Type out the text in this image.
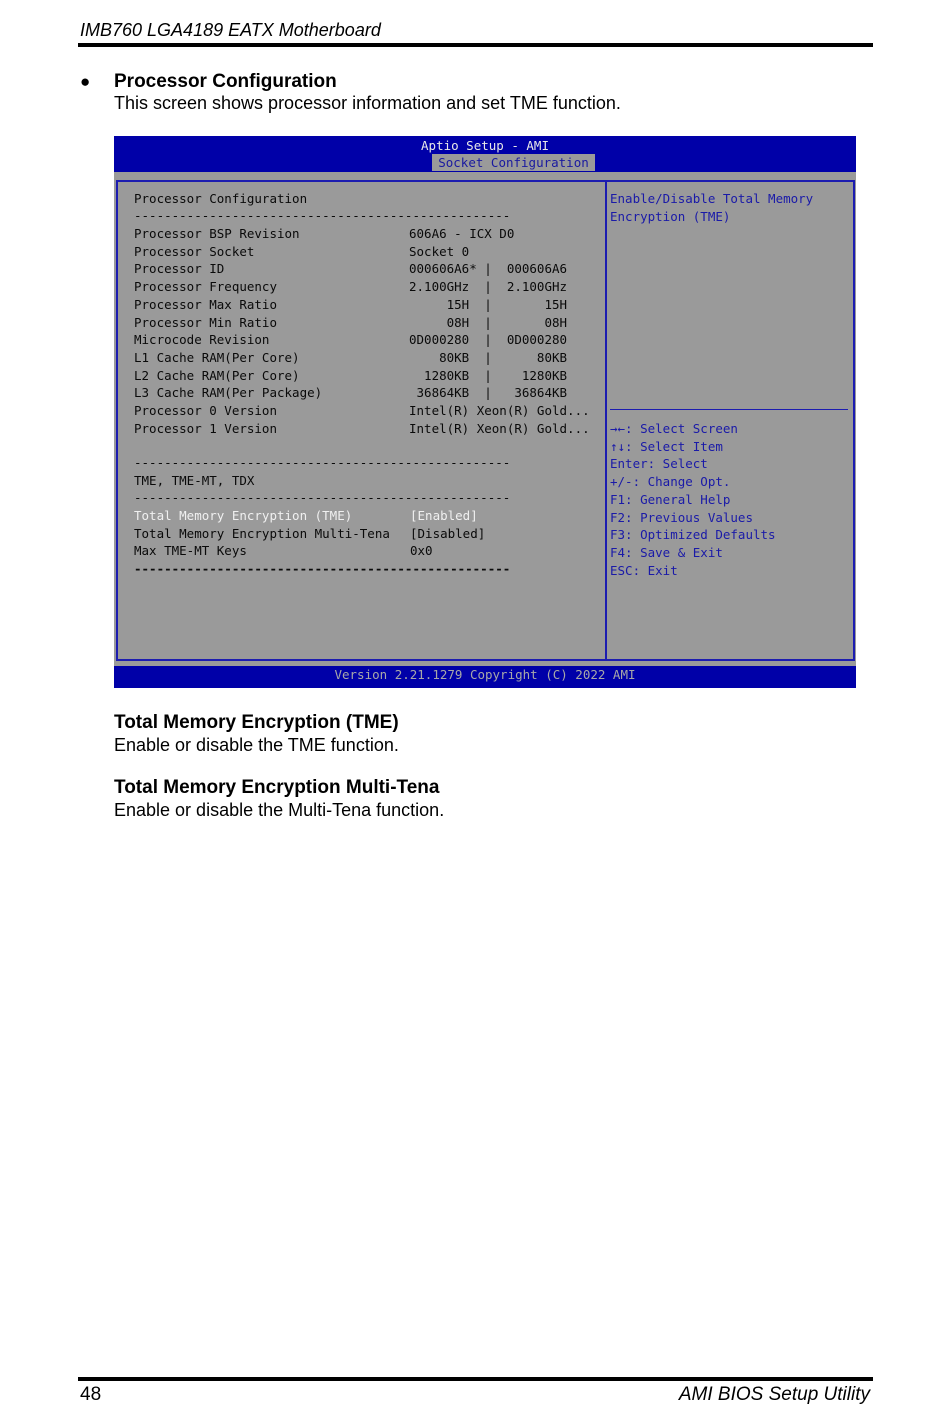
IMB760 LGA4189 EATX Motherboard
● Processor Configuration
This screen shows processor information and set TME function.
Aptio Setup - AMI
Socket Configuration
Processor Configuration
--------------------------------------------------
Processor BSP Revision	606A6 - ICX D0
Processor Socket	Socket 0
Processor ID	000606A6* |  000606A6
Processor Frequency	2.100GHz  |  2.100GHz
Processor Max Ratio	15H  |       15H
Processor Min Ratio	08H  |       08H
Microcode Revision	0D000280  |  0D000280
L1 Cache RAM(Per Core)	80KB  |      80KB
L2 Cache RAM(Per Core)	1280KB  |    1280KB
L3 Cache RAM(Per Package)	36864KB  |   36864KB
Processor 0 Version	Intel(R) Xeon(R) Gold...
Processor 1 Version	Intel(R) Xeon(R) Gold...
--------------------------------------------------
TME, TME-MT, TDX
--------------------------------------------------
Total Memory Encryption (TME)	[Enabled]
Total Memory Encryption Multi-Tena [Disabled]
Max TME-MT Keys	0x0
--------------------------------------------------
Enable/Disable Total Memory
Encryption (TME)
→←: Select Screen
↑↓: Select Item
Enter: Select
+/-: Change Opt.
F1: General Help
F2: Previous Values
F3: Optimized Defaults
F4: Save & Exit
ESC: Exit
Version 2.21.1279 Copyright (C) 2022 AMI
Total Memory Encryption (TME)
Enable or disable the TME function.
Total Memory Encryption Multi-Tena
Enable or disable the Multi-Tena function.
48	AMI BIOS Setup Utility
